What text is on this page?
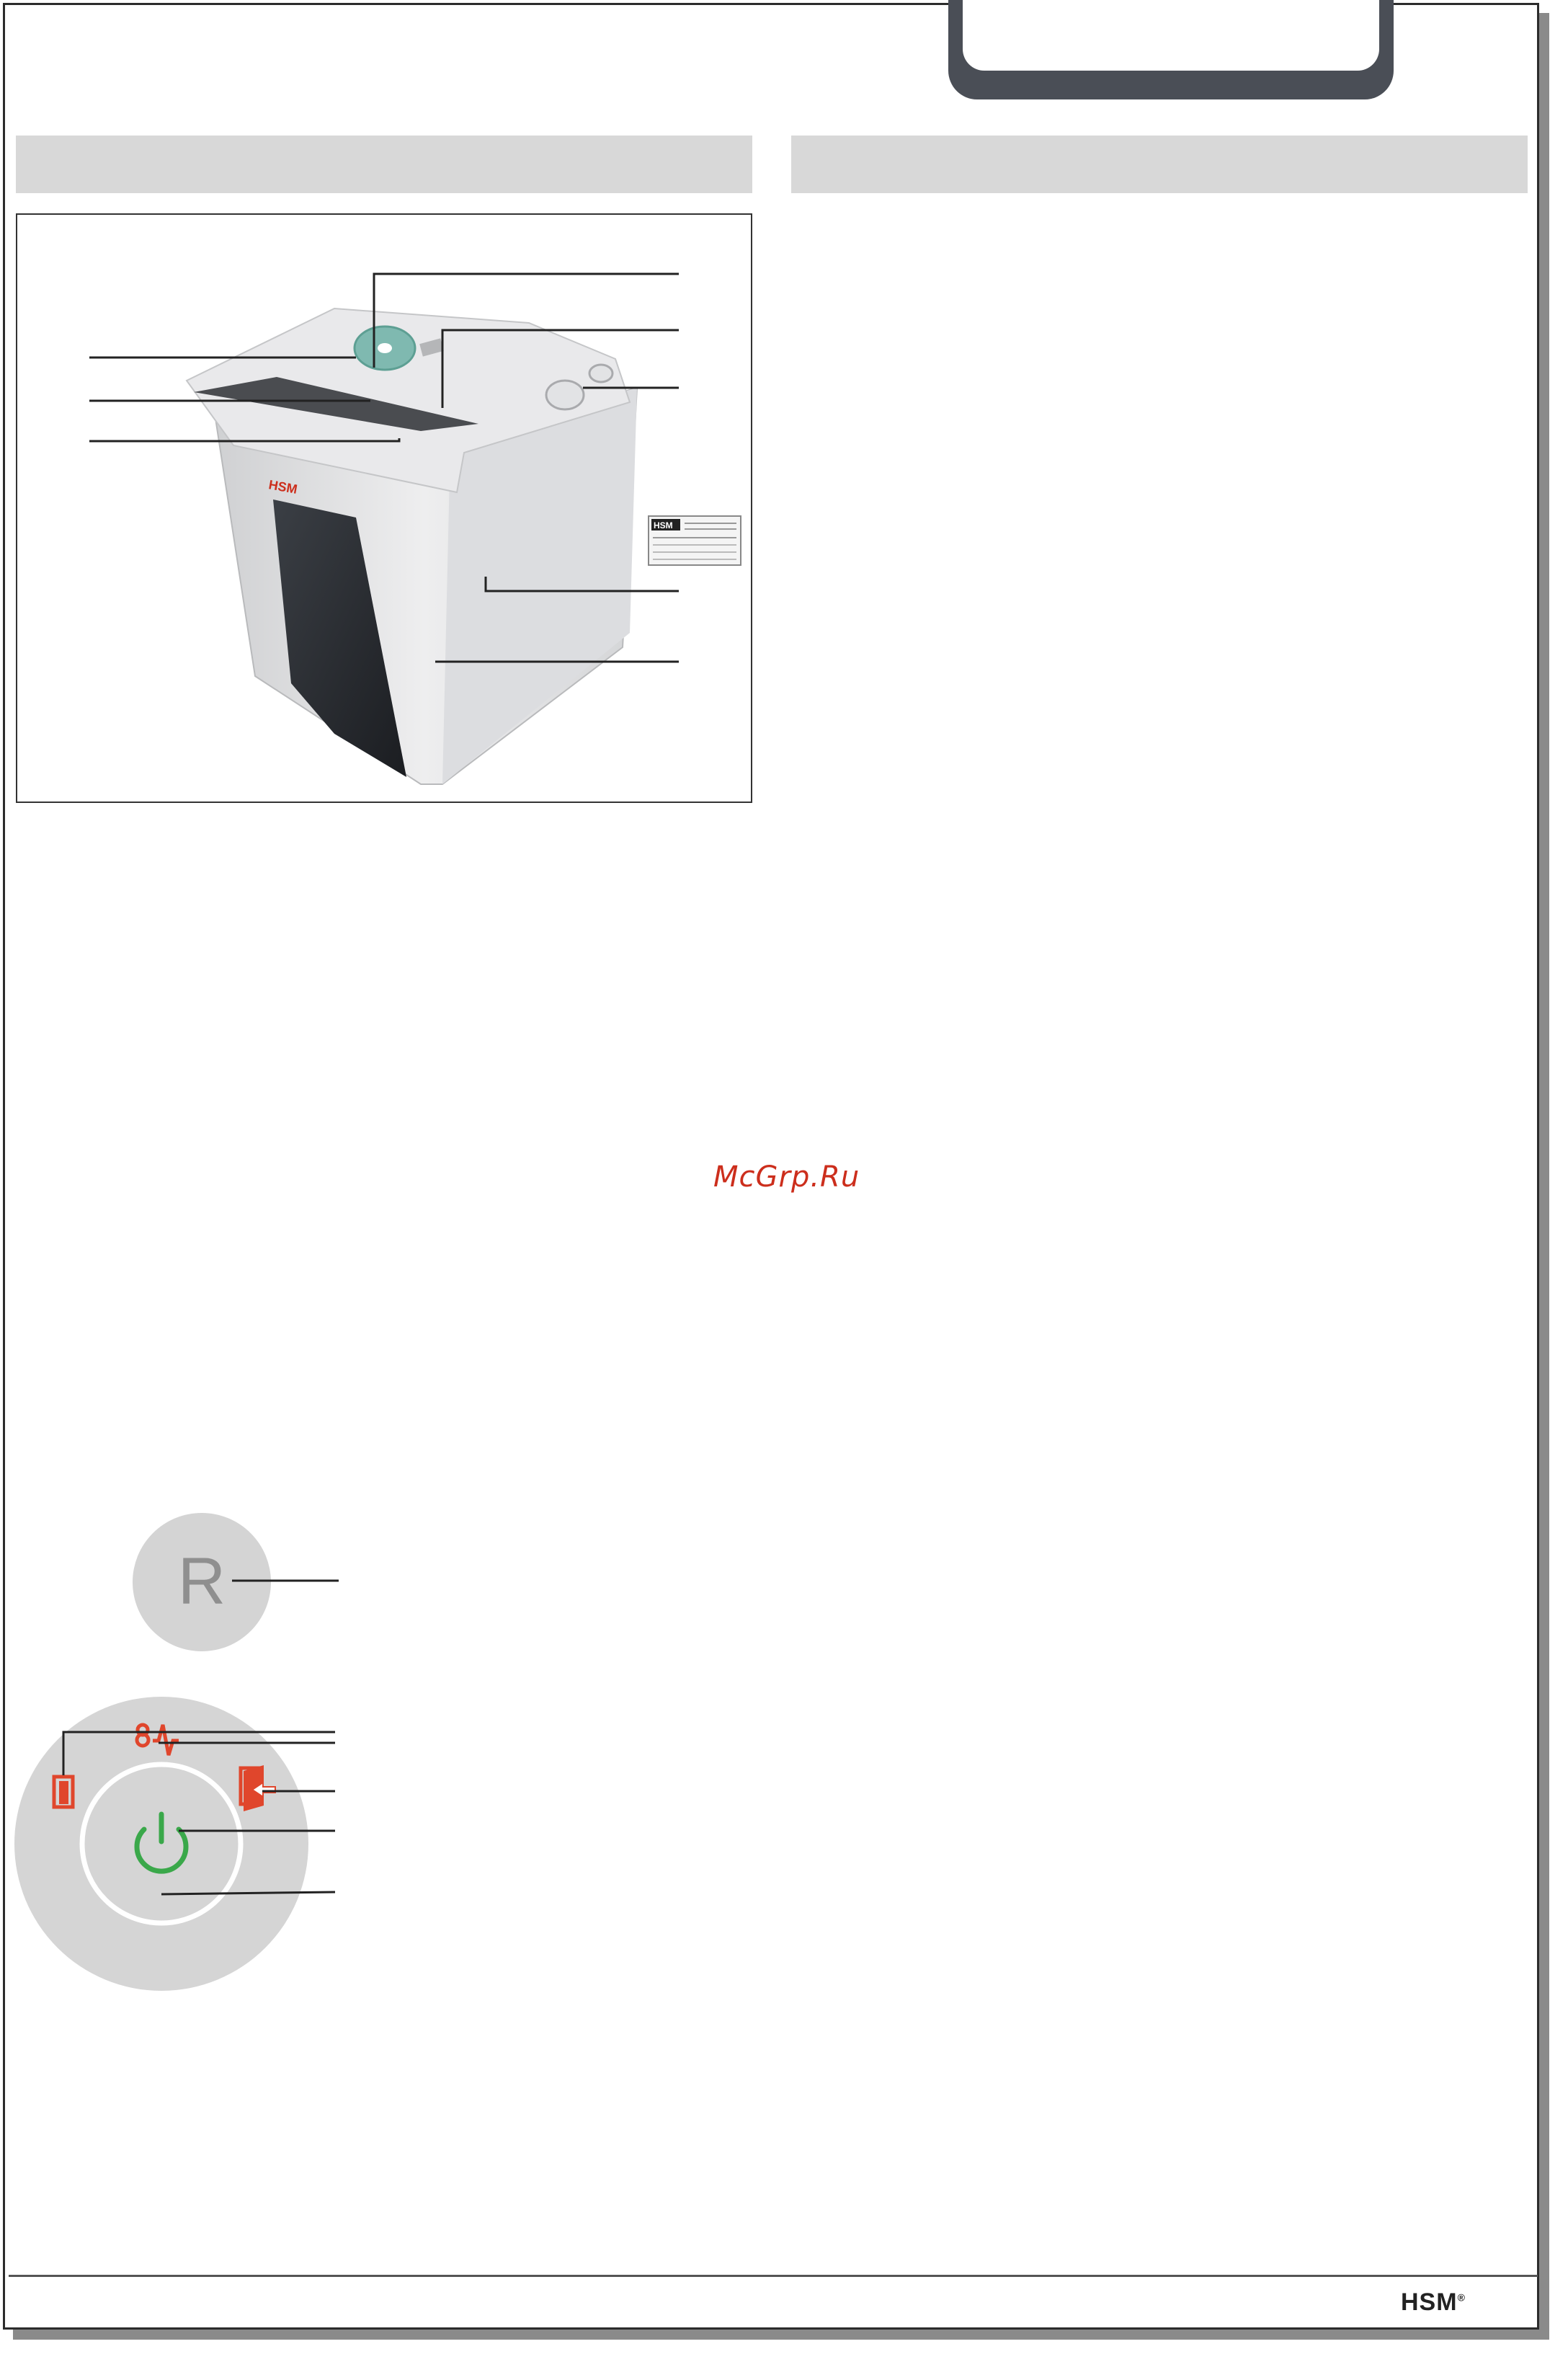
HSM
HSM
R
McGrp.Ru
HSM®
